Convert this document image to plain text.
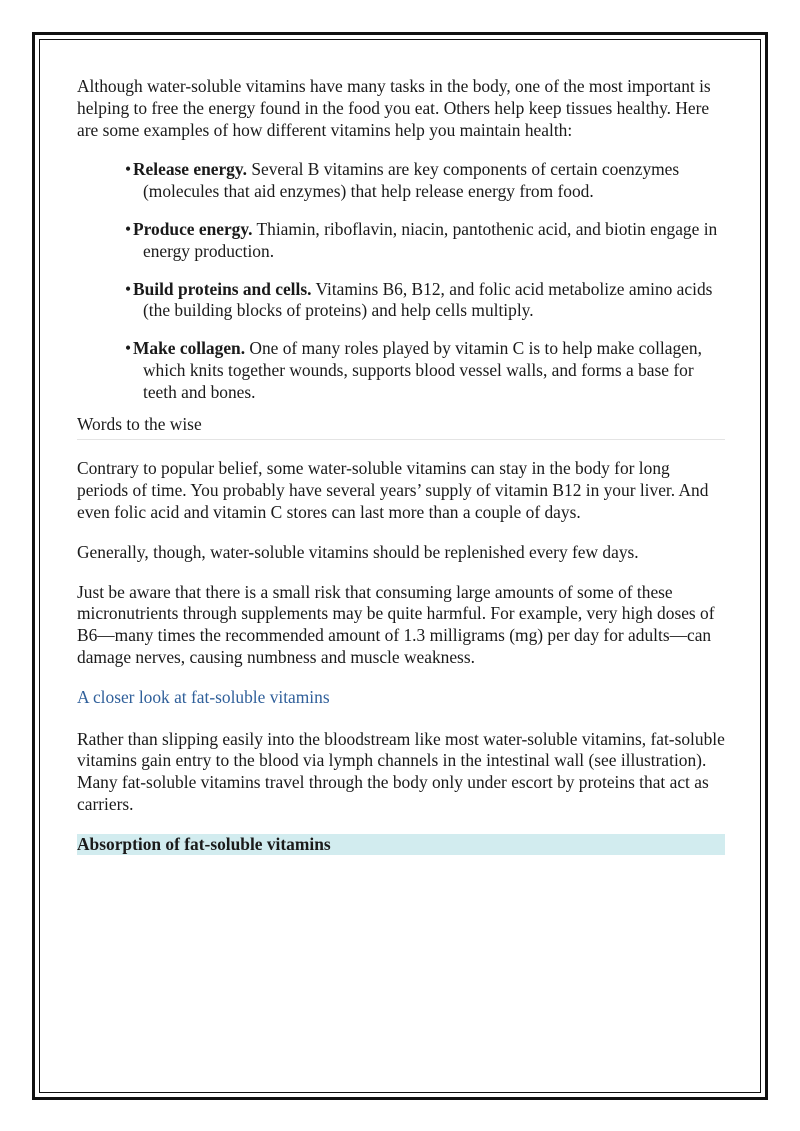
Although water-soluble vitamins have many tasks in the body, one of the most important is helping to free the energy found in the food you eat. Others help keep tissues healthy. Here are some examples of how different vitamins help you maintain health:

• Release energy. Several B vitamins are key components of certain coenzymes (molecules that aid enzymes) that help release energy from food.
• Produce energy. Thiamin, riboflavin, niacin, pantothenic acid, and biotin engage in energy production.
• Build proteins and cells. Vitamins B6, B12, and folic acid metabolize amino acids (the building blocks of proteins) and help cells multiply.
• Make collagen. One of many roles played by vitamin C is to help make collagen, which knits together wounds, supports blood vessel walls, and forms a base for teeth and bones.

Words to the wise

Contrary to popular belief, some water-soluble vitamins can stay in the body for long periods of time. You probably have several years’ supply of vitamin B12 in your liver. And even folic acid and vitamin C stores can last more than a couple of days.

Generally, though, water-soluble vitamins should be replenished every few days.

Just be aware that there is a small risk that consuming large amounts of some of these micronutrients through supplements may be quite harmful. For example, very high doses of B6—many times the recommended amount of 1.3 milligrams (mg) per day for adults—can damage nerves, causing numbness and muscle weakness.

A closer look at fat-soluble vitamins

Rather than slipping easily into the bloodstream like most water-soluble vitamins, fat-soluble vitamins gain entry to the blood via lymph channels in the intestinal wall (see illustration). Many fat-soluble vitamins travel through the body only under escort by proteins that act as carriers.

Absorption of fat-soluble vitamins
